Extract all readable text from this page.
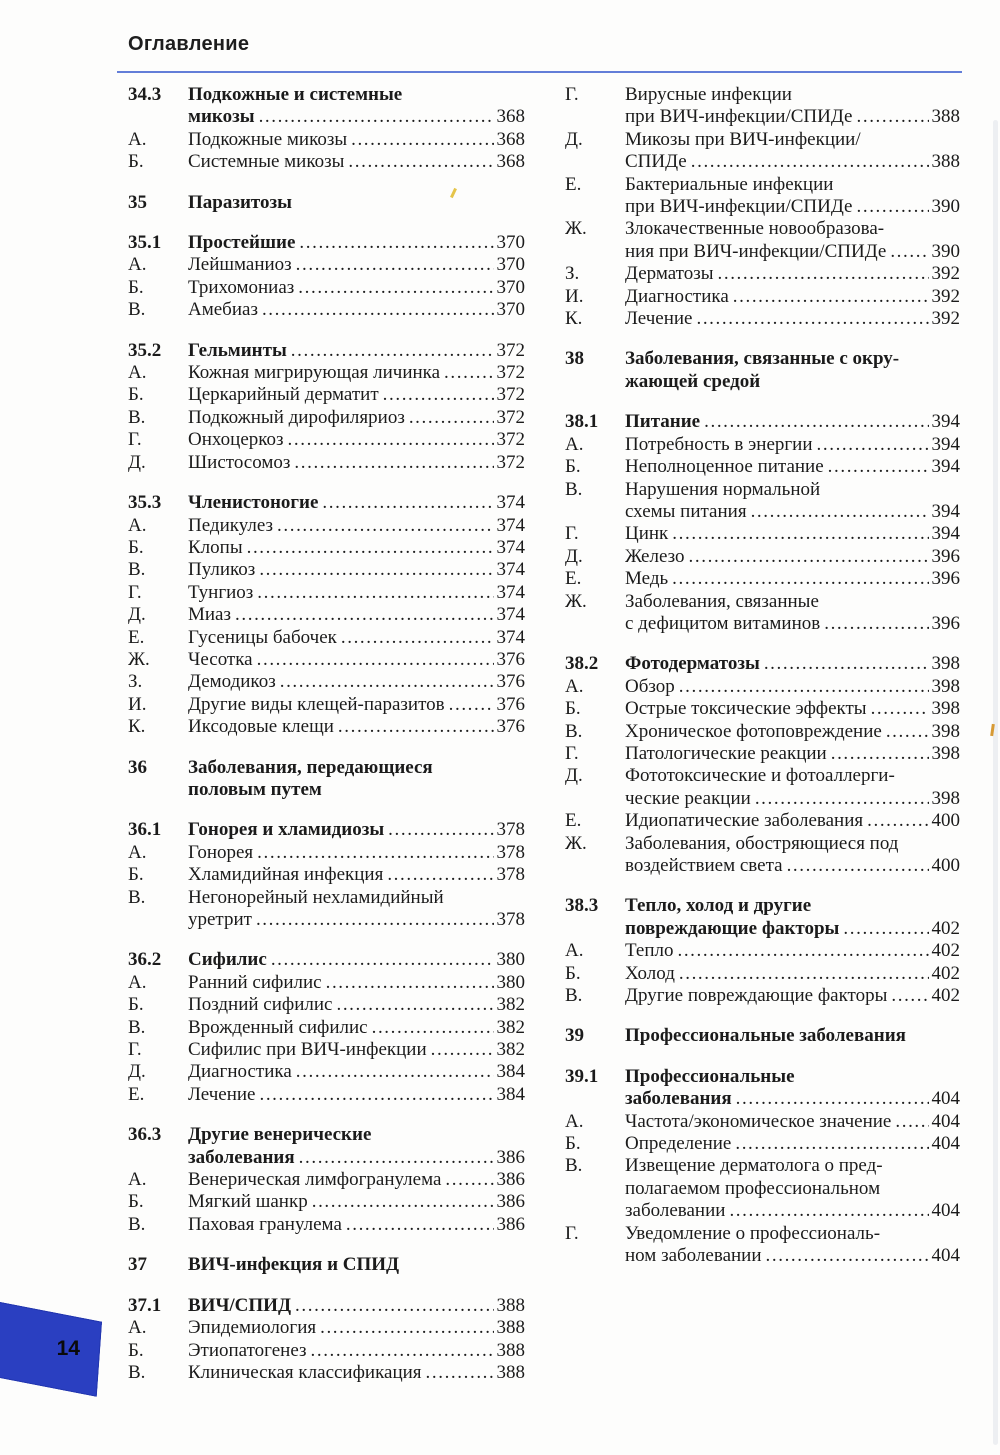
Оглавление
34.3	Подкожные и системные
микозы .....	368
А.	Подкожные микозы .....	368
Б.	Системные микозы .....	368
35	Паразитозы
35.1	Простейшие .....	370
А.	Лейшманиоз .....	370
Б.	Трихомониаз .....	370
В.	Амебиаз .....	370
35.2	Гельминты .....	372
А.	Кожная мигрирующая личинка .....	372
Б.	Церкарийный дерматит .....	372
В.	Подкожный дирофиляриоз .....	372
Г.	Онхоцеркоз .....	372
Д.	Шистосомоз .....	372
35.3	Членистоногие .....	374
А.	Педикулез .....	374
Б.	Клопы .....	374
В.	Пуликоз .....	374
Г.	Тунгиоз .....	374
Д.	Миаз .....	374
Е.	Гусеницы бабочек .....	374
Ж.	Чесотка .....	376
З.	Демодикоз .....	376
И.	Другие виды клещей-паразитов .....	376
К.	Иксодовые клещи .....	376
36	Заболевания, передающиеся
половым путем
36.1	Гонорея и хламидиозы .....	378
А.	Гонорея .....	378
Б.	Хламидийная инфекция .....	378
В.	Негонорейный нехламидийный
уретрит .....	378
36.2	Сифилис .....	380
А.	Ранний сифилис .....	380
Б.	Поздний сифилис .....	382
В.	Врожденный сифилис .....	382
Г.	Сифилис при ВИЧ-инфекции .....	382
Д.	Диагностика .....	384
Е.	Лечение .....	384
36.3	Другие венерические
заболевания .....	386
А.	Венерическая лимфогранулема .....	386
Б.	Мягкий шанкр .....	386
В.	Паховая гранулема .....	386
37	ВИЧ-инфекция и СПИД
37.1	ВИЧ/СПИД .....	388
А.	Эпидемиология .....	388
Б.	Этиопатогенез .....	388
В.	Клиническая классификация .....	388
Г.	Вирусные инфекции
при ВИЧ-инфекции/СПИДе .....	388
Д.	Микозы при ВИЧ-инфекции/
СПИДе .....	388
Е.	Бактериальные инфекции
при ВИЧ-инфекции/СПИДе .....	390
Ж.	Злокачественные новообразова-
ния при ВИЧ-инфекции/СПИДе ..... 390
З.	Дерматозы .....	392
И.	Диагностика .....	392
К.	Лечение .....	392
38	Заболевания, связанные с окру-
жающей средой
38.1	Питание .....	394
А.	Потребность в энергии .....	394
Б.	Неполноценное питание .....	394
В.	Нарушения нормальной
схемы питания .....	394
Г.	Цинк .....	394
Д.	Железо .....	396
Е.	Медь .....	396
Ж.	Заболевания, связанные
с дефицитом витаминов .....	396
38.2	Фотодерматозы .....	398
А.	Обзор .....	398
Б.	Острые токсические эффекты .....	398
В.	Хроническое фотоповреждение .....	398
Г.	Патологические реакции .....	398
Д.	Фототоксические и фотоаллерги-
ческие реакции .....	398
Е.	Идиопатические заболевания .....	400
Ж.	Заболевания, обостряющиеся под
воздействием света .....	400
38.3	Тепло, холод и другие
повреждающие факторы .....	402
А.	Тепло .....	402
Б.	Холод .....	402
В.	Другие повреждающие факторы ..... 402
39	Профессиональные заболевания
39.1	Профессиональные
заболевания .....	404
А.	Частота/экономическое значение ..... 404
Б.	Определение .....	404
В.	Извещение дерматолога о пред-
полагаемом профессиональном
заболевании .....	404
Г.	Уведомление о профессиональ-
ном заболевании .....	404
14
